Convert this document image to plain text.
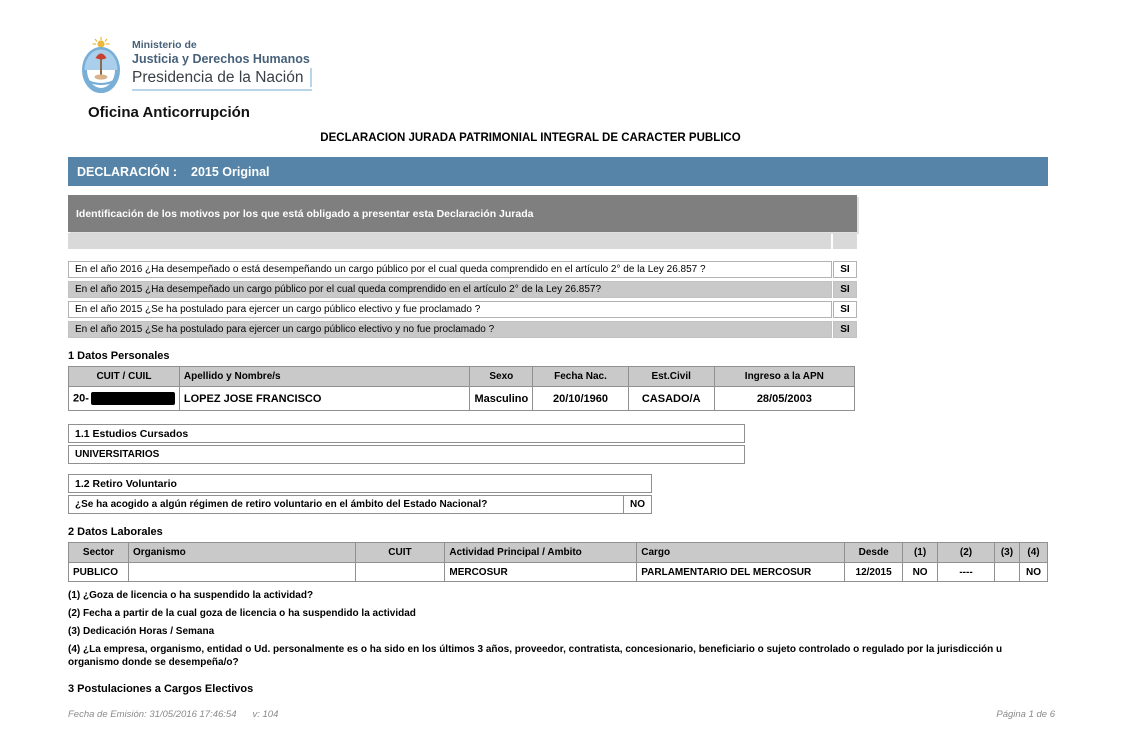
Ministerio de
Justicia y Derechos Humanos
Presidencia de la Nación
Oficina Anticorrupción
DECLARACION JURADA PATRIMONIAL INTEGRAL DE CARACTER PUBLICO
DECLARACIÓN : 2015 Original
Identificación de los motivos por los que está obligado a presentar esta Declaración Jurada
En el año 2016 ¿Ha desempeñado o está desempeñando un cargo público por el cual queda comprendido en el artículo 2° de la Ley 26.857 ?	SI
En el año 2015 ¿Ha desempeñado un cargo público por el cual queda comprendido en el artículo 2° de la Ley 26.857?	SI
En el año 2015 ¿Se ha postulado para ejercer un cargo público electivo y fue proclamado ?	SI
En el año 2015 ¿Se ha postulado para ejercer un cargo público electivo y no fue proclamado ?	SI
1 Datos Personales
CUIT / CUIL	Apellido y Nombre/s	Sexo	Fecha Nac.	Est.Civil	Ingreso a la APN
20-	LOPEZ JOSE FRANCISCO	Masculino	20/10/1960	CASADO/A	28/05/2003
1.1 Estudios Cursados
UNIVERSITARIOS
1.2 Retiro Voluntario
¿Se ha acogido a algún régimen de retiro voluntario en el ámbito del Estado Nacional?	NO
2 Datos Laborales
Sector	Organismo	CUIT	Actividad Principal / Ambito	Cargo	Desde	(1)	(2)	(3)	(4)
PUBLICO			MERCOSUR	PARLAMENTARIO DEL MERCOSUR	12/2015	NO	----		NO
(1) ¿Goza de licencia o ha suspendido la actividad?
(2) Fecha a partir de la cual goza de licencia o ha suspendido la actividad
(3) Dedicación Horas / Semana
(4) ¿La empresa, organismo, entidad o Ud. personalmente es o ha sido en los últimos 3 años, proveedor, contratista, concesionario, beneficiario o sujeto controlado o regulado por la jurisdicción u organismo donde se desempeña/o?
3 Postulaciones a Cargos Electivos
Fecha de Emisión: 31/05/2016 17:46:54 v: 104	Página 1 de 6
